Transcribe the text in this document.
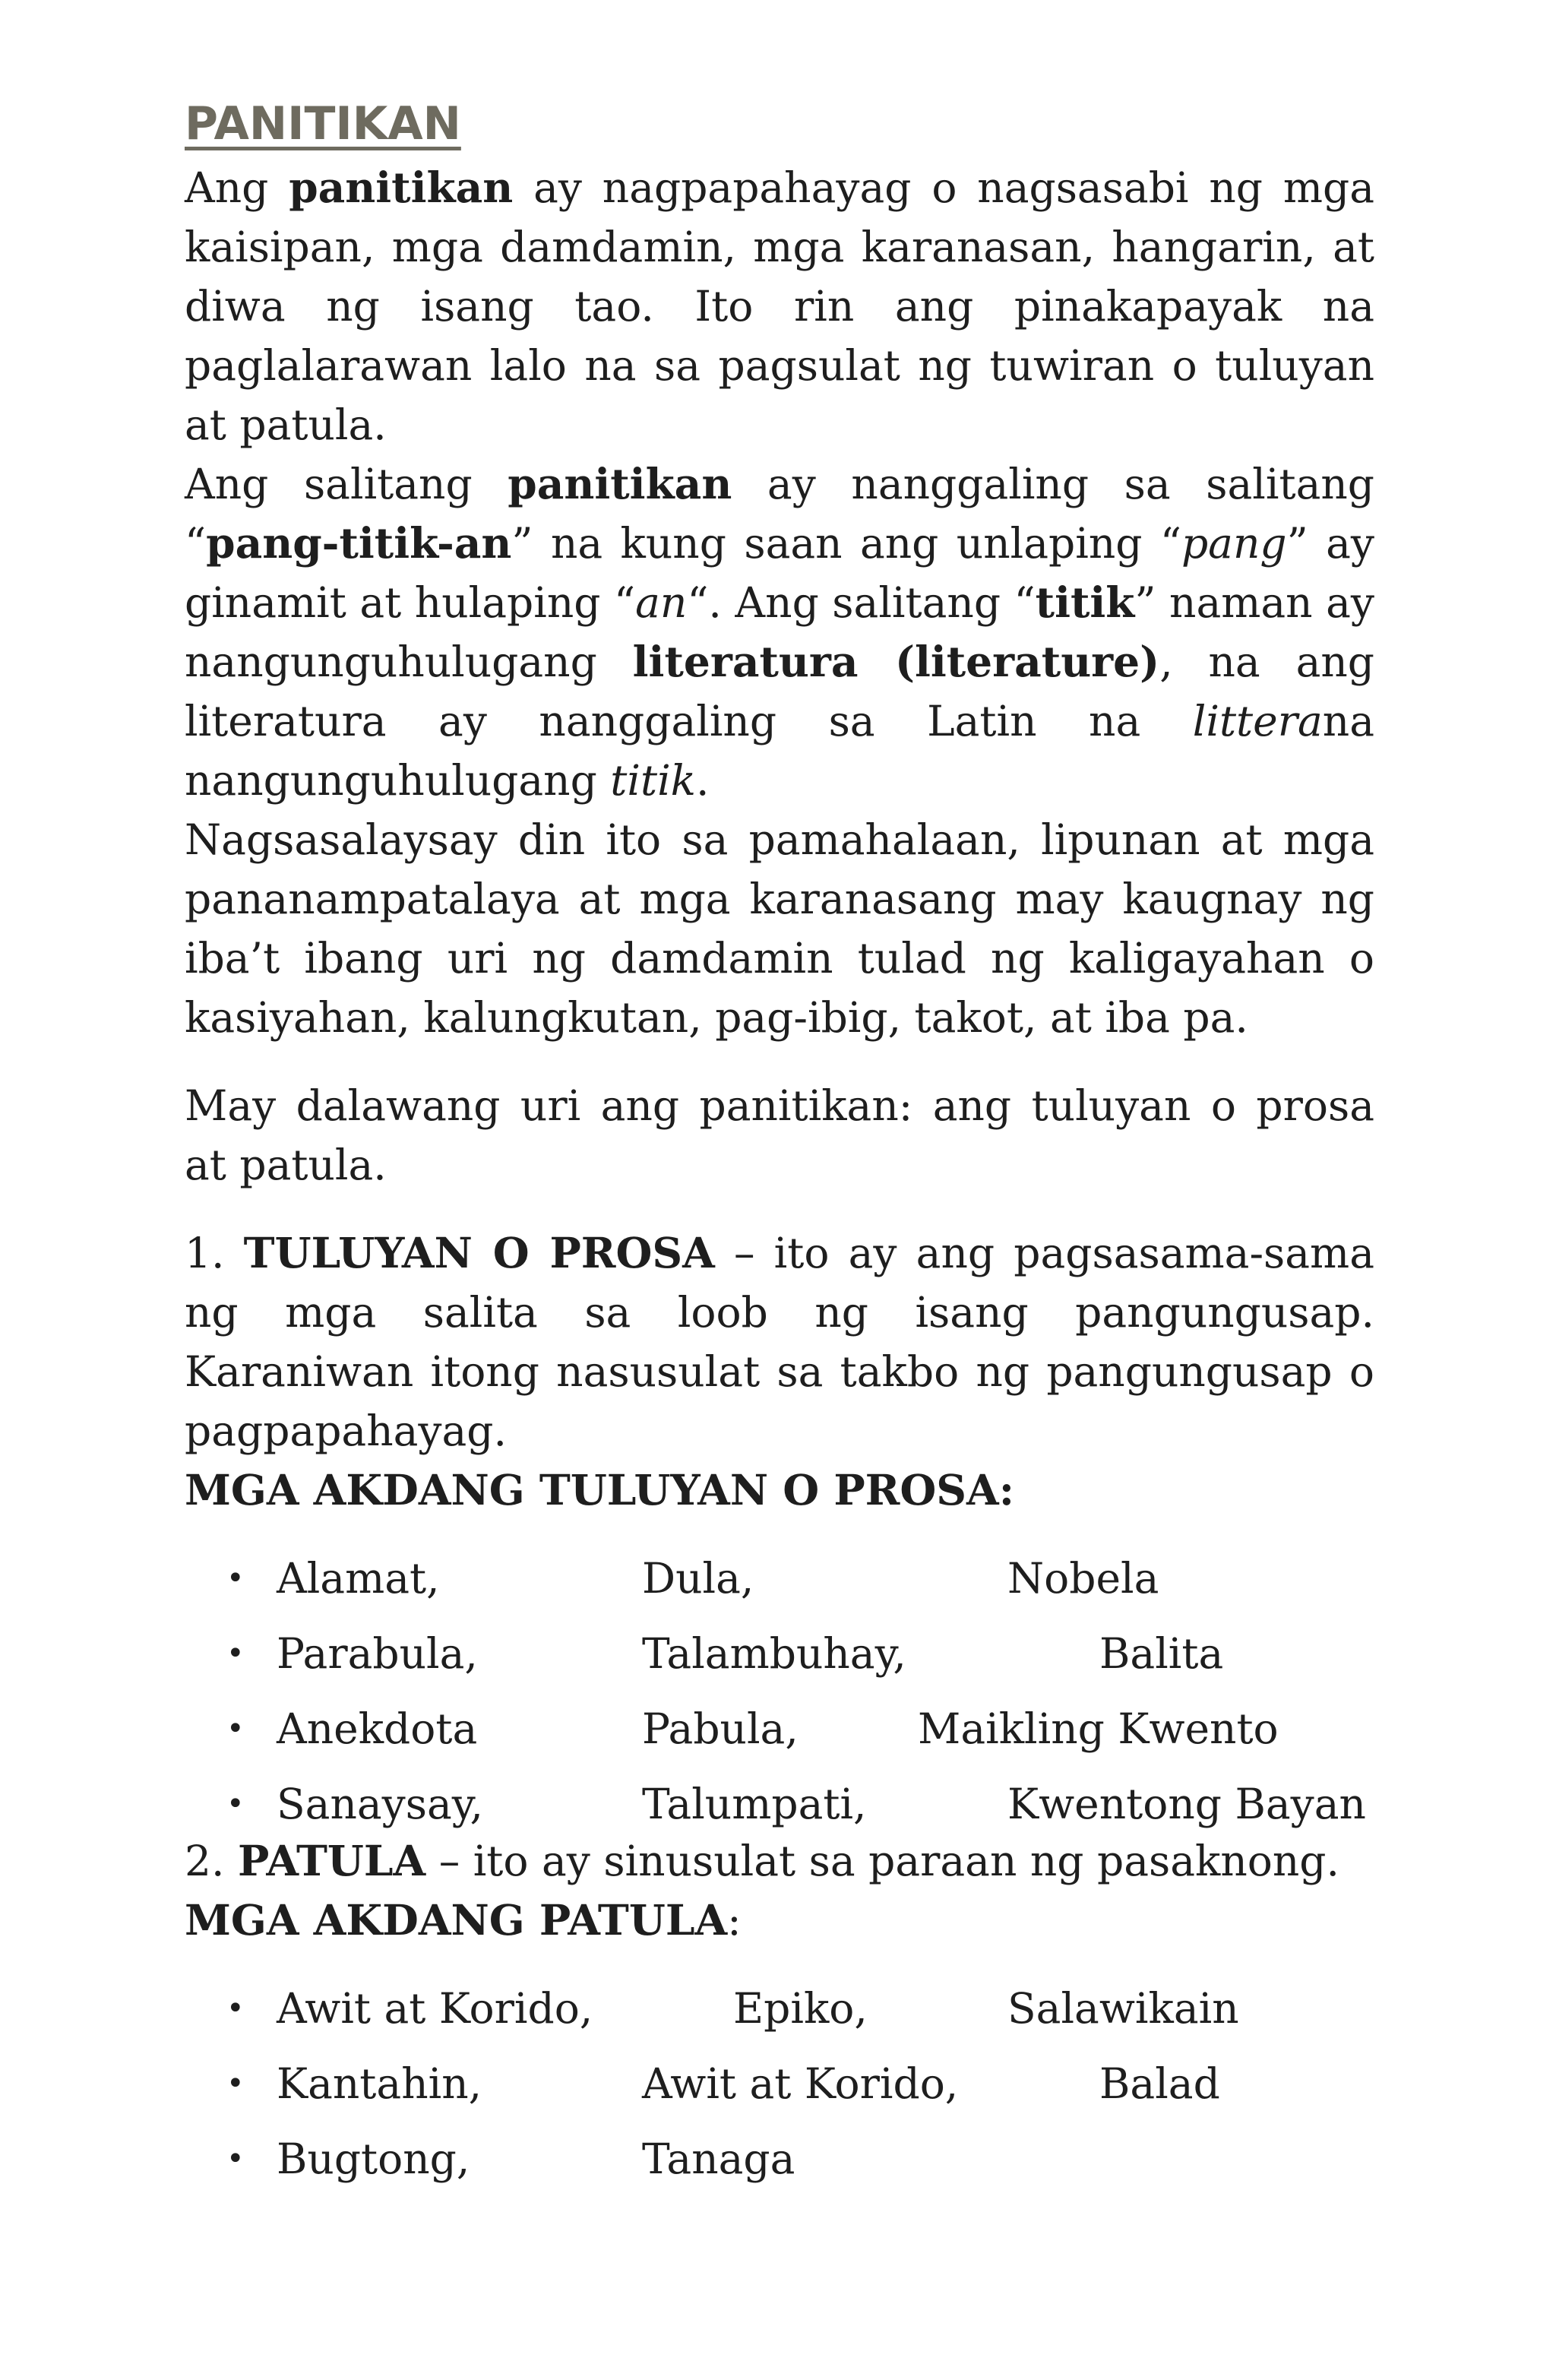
PANITIKAN

Ang panitikan ay nagpapahayag o nagsasabi ng mga kaisipan, mga damdamin, mga karanasan, hangarin, at diwa ng isang tao. Ito rin ang pinakapayak na paglalarawan lalo na sa pagsulat ng tuwiran o tuluyan at patula.

Ang salitang panitikan ay nanggaling sa salitang “pang-titik-an” na kung saan ang unlaping “pang” ay ginamit at hulaping “an“. Ang salitang “titik” naman ay nangunguhulugang literatura (literature), na ang literatura ay nanggaling sa Latin na litterana nangunguhulugang titik.

Nagsasalaysay din ito sa pamahalaan, lipunan at mga pananampatalaya at mga karanasang may kaugnay ng iba’t ibang uri ng damdamin tulad ng kaligayahan o kasiyahan, kalungkutan, pag-ibig, takot, at iba pa.

May dalawang uri ang panitikan: ang tuluyan o prosa at patula.

1. TULUYAN O PROSA – ito ay ang pagsasama-sama ng mga salita sa loob ng isang pangungusap. Karaniwan itong nasusulat sa takbo ng pangungusap o pagpapahayag.

MGA AKDANG TULUYAN O PROSA:

• Alamat,	Dula,	Nobela
• Parabula,	Talambuhay,	Balita
• Anekdota	Pabula,	Maikling Kwento
• Sanaysay,	Talumpati,	Kwentong Bayan

2. PATULA – ito ay sinusulat sa paraan ng pasaknong.

MGA AKDANG PATULA:

• Awit at Korido,	Epiko,	Salawikain
• Kantahin,	Awit at Korido,	Balad
• Bugtong,	Tanaga
